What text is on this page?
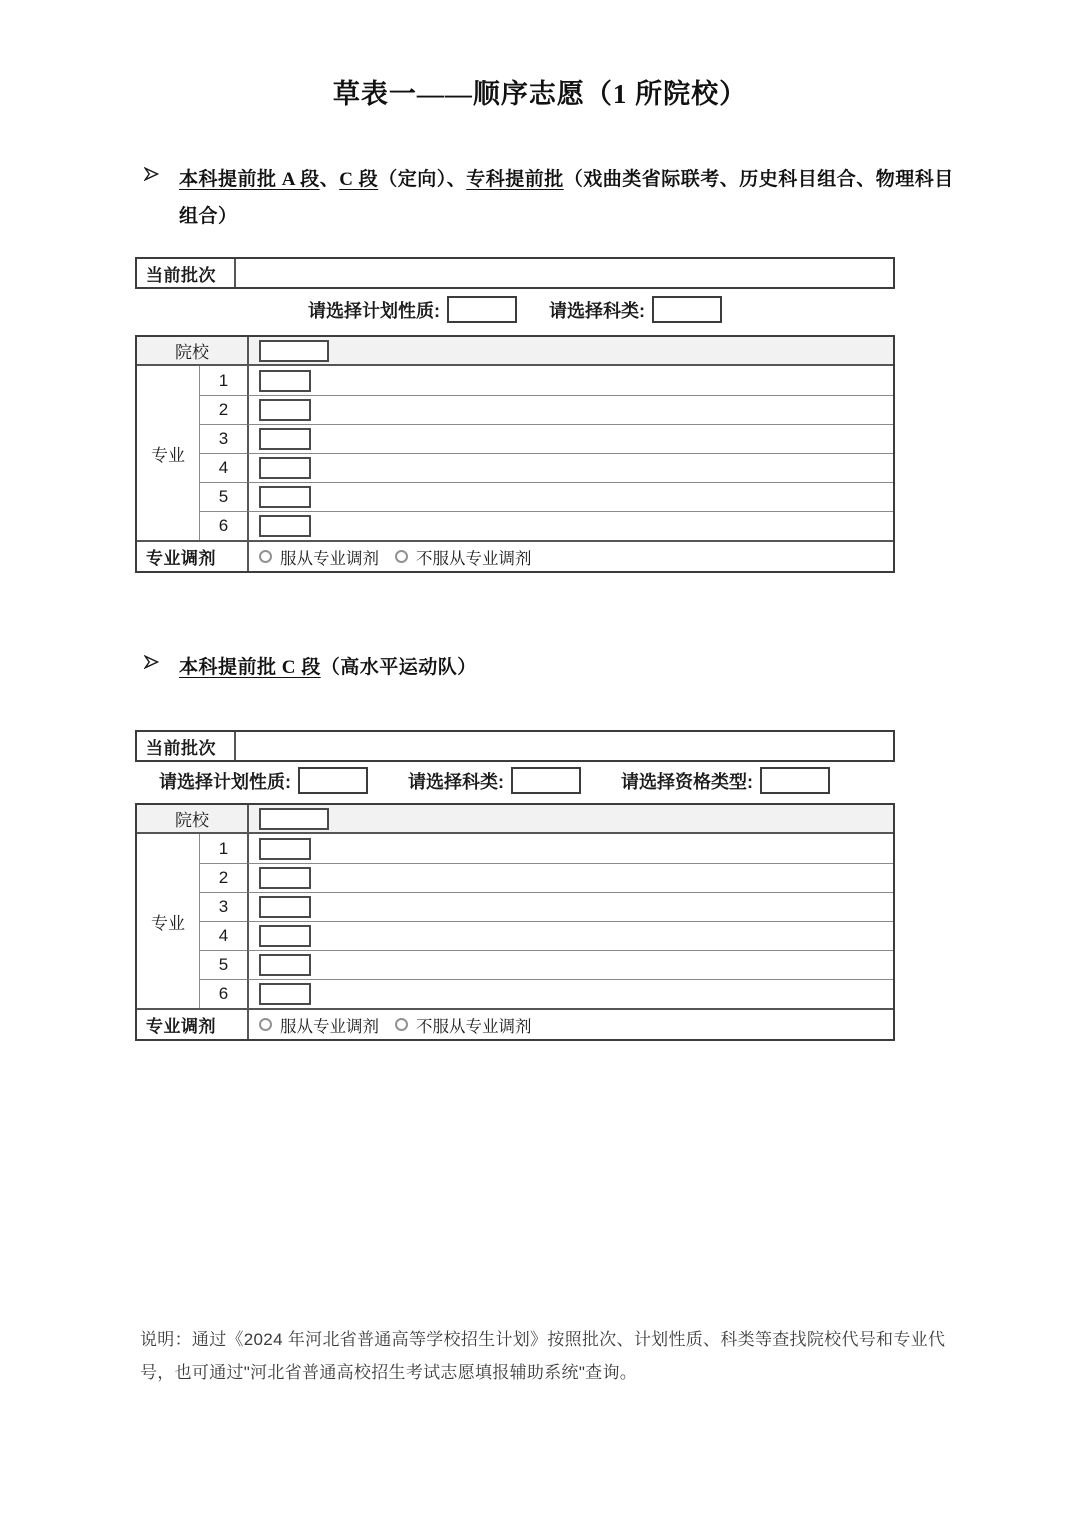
草表一——顺序志愿（1 所院校）
本科提前批 A 段、C 段（定向）、专科提前批（戏曲类省际联考、历史科目组合、物理科目组合）
当前批次
请选择计划性质:	请选择科类:
院校
专业
1
2
3
4
5
6
专业调剂	服从专业调剂 不服从专业调剂
本科提前批 C 段（高水平运动队）
当前批次
请选择计划性质:	请选择科类:	请选择资格类型:
院校
专业
1
2
3
4
5
6
专业调剂	服从专业调剂 不服从专业调剂
说明：通过《2024 年河北省普通高等学校招生计划》按照批次、计划性质、科类等查找院校代号和专业代号，也可通过"河北省普通高校招生考试志愿填报辅助系统"查询。
